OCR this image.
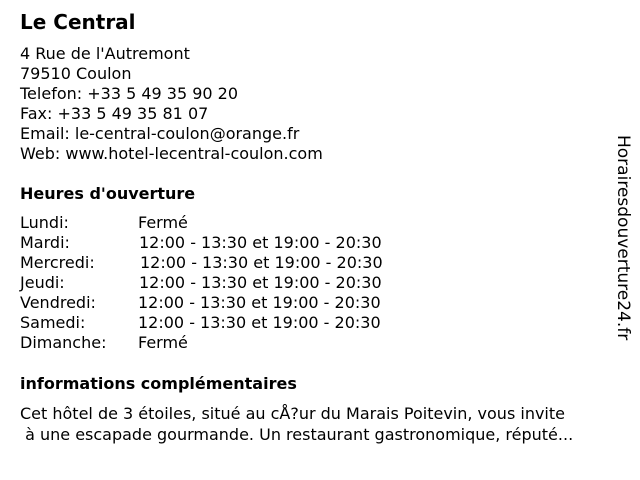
Le Central
4 Rue de l'Autremont
79510 Coulon
Telefon: +33 5 49 35 90 20
Fax: +33 5 49 35 81 07
Email: le-central-coulon@orange.fr
Web: www.hotel-lecentral-coulon.com
Heures d'ouverture
Lundi:	Fermé
Mardi:	12:00 - 13:30 et 19:00 - 20:30
Mercredi:	12:00 - 13:30 et 19:00 - 20:30
Jeudi:	12:00 - 13:30 et 19:00 - 20:30
Vendredi:	12:00 - 13:30 et 19:00 - 20:30
Samedi:	12:00 - 13:30 et 19:00 - 20:30
Dimanche: Fermé
informations complémentaires
Cet hôtel de 3 étoiles, situé au cÅ?ur du Marais Poitevin, vous invite
à une escapade gourmande. Un restaurant gastronomique, réputé...
Horairesdouverture24.fr
